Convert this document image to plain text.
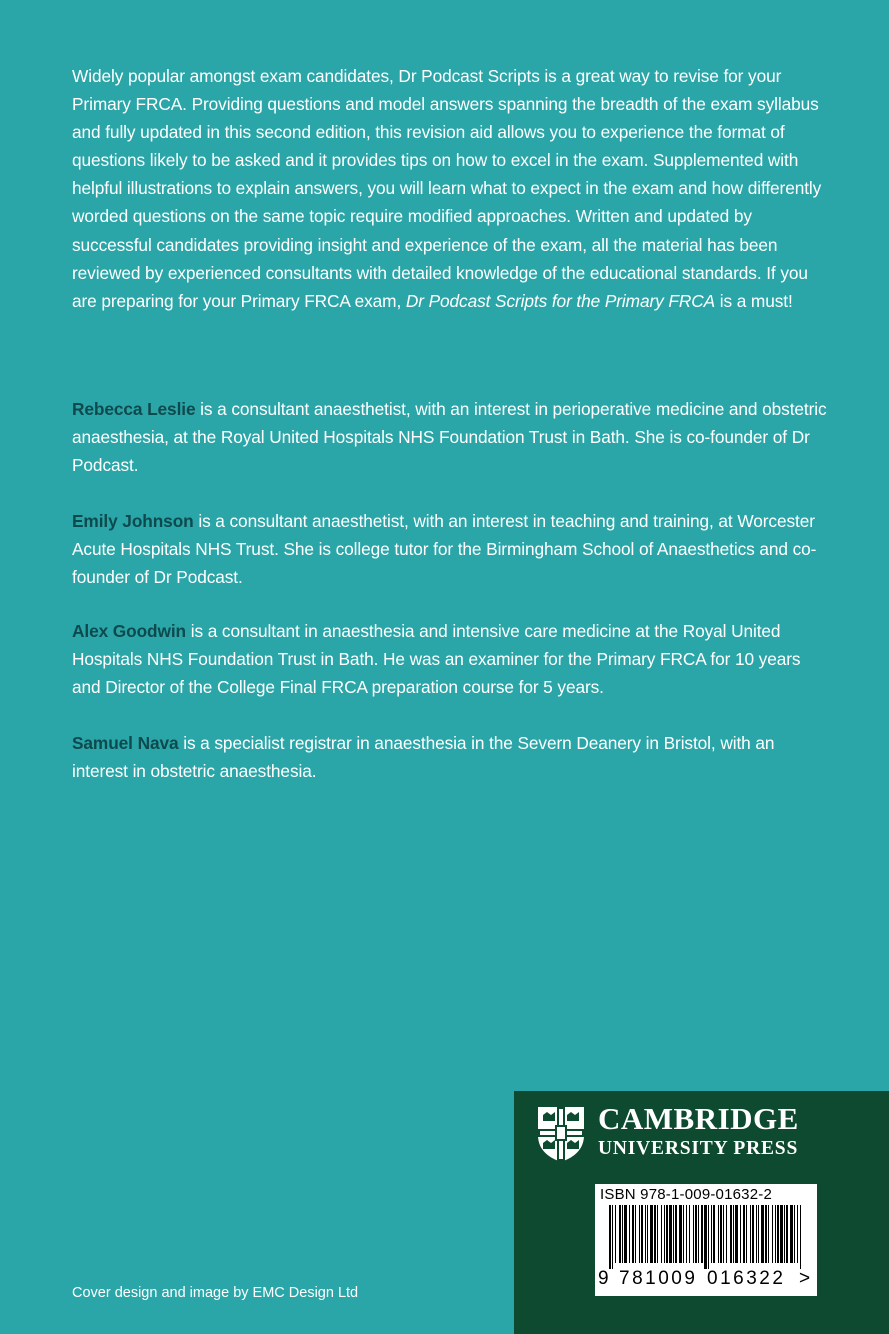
Widely popular amongst exam candidates, Dr Podcast Scripts is a great way to revise for your Primary FRCA. Providing questions and model answers spanning the breadth of the exam syllabus and fully updated in this second edition, this revision aid allows you to experience the format of questions likely to be asked and it provides tips on how to excel in the exam. Supplemented with helpful illustrations to explain answers, you will learn what to expect in the exam and how differently worded questions on the same topic require modified approaches. Written and updated by successful candidates providing insight and experience of the exam, all the material has been reviewed by experienced consultants with detailed knowledge of the educational standards. If you are preparing for your Primary FRCA exam, Dr Podcast Scripts for the Primary FRCA is a must!

Rebecca Leslie is a consultant anaesthetist, with an interest in perioperative medicine and obstetric anaesthesia, at the Royal United Hospitals NHS Foundation Trust in Bath. She is co-founder of Dr Podcast.

Emily Johnson is a consultant anaesthetist, with an interest in teaching and training, at Worcester Acute Hospitals NHS Trust. She is college tutor for the Birmingham School of Anaesthetics and co-founder of Dr Podcast.

Alex Goodwin is a consultant in anaesthesia and intensive care medicine at the Royal United Hospitals NHS Foundation Trust in Bath. He was an examiner for the Primary FRCA for 10 years and Director of the College Final FRCA preparation course for 5 years.

Samuel Nava is a specialist registrar in anaesthesia in the Severn Deanery in Bristol, with an interest in obstetric anaesthesia.

Cover design and image by EMC Design Ltd

CAMBRIDGE

UNIVERSITY PRESS

ISBN 978-1-009-01632-2

9 781009 016322 >
